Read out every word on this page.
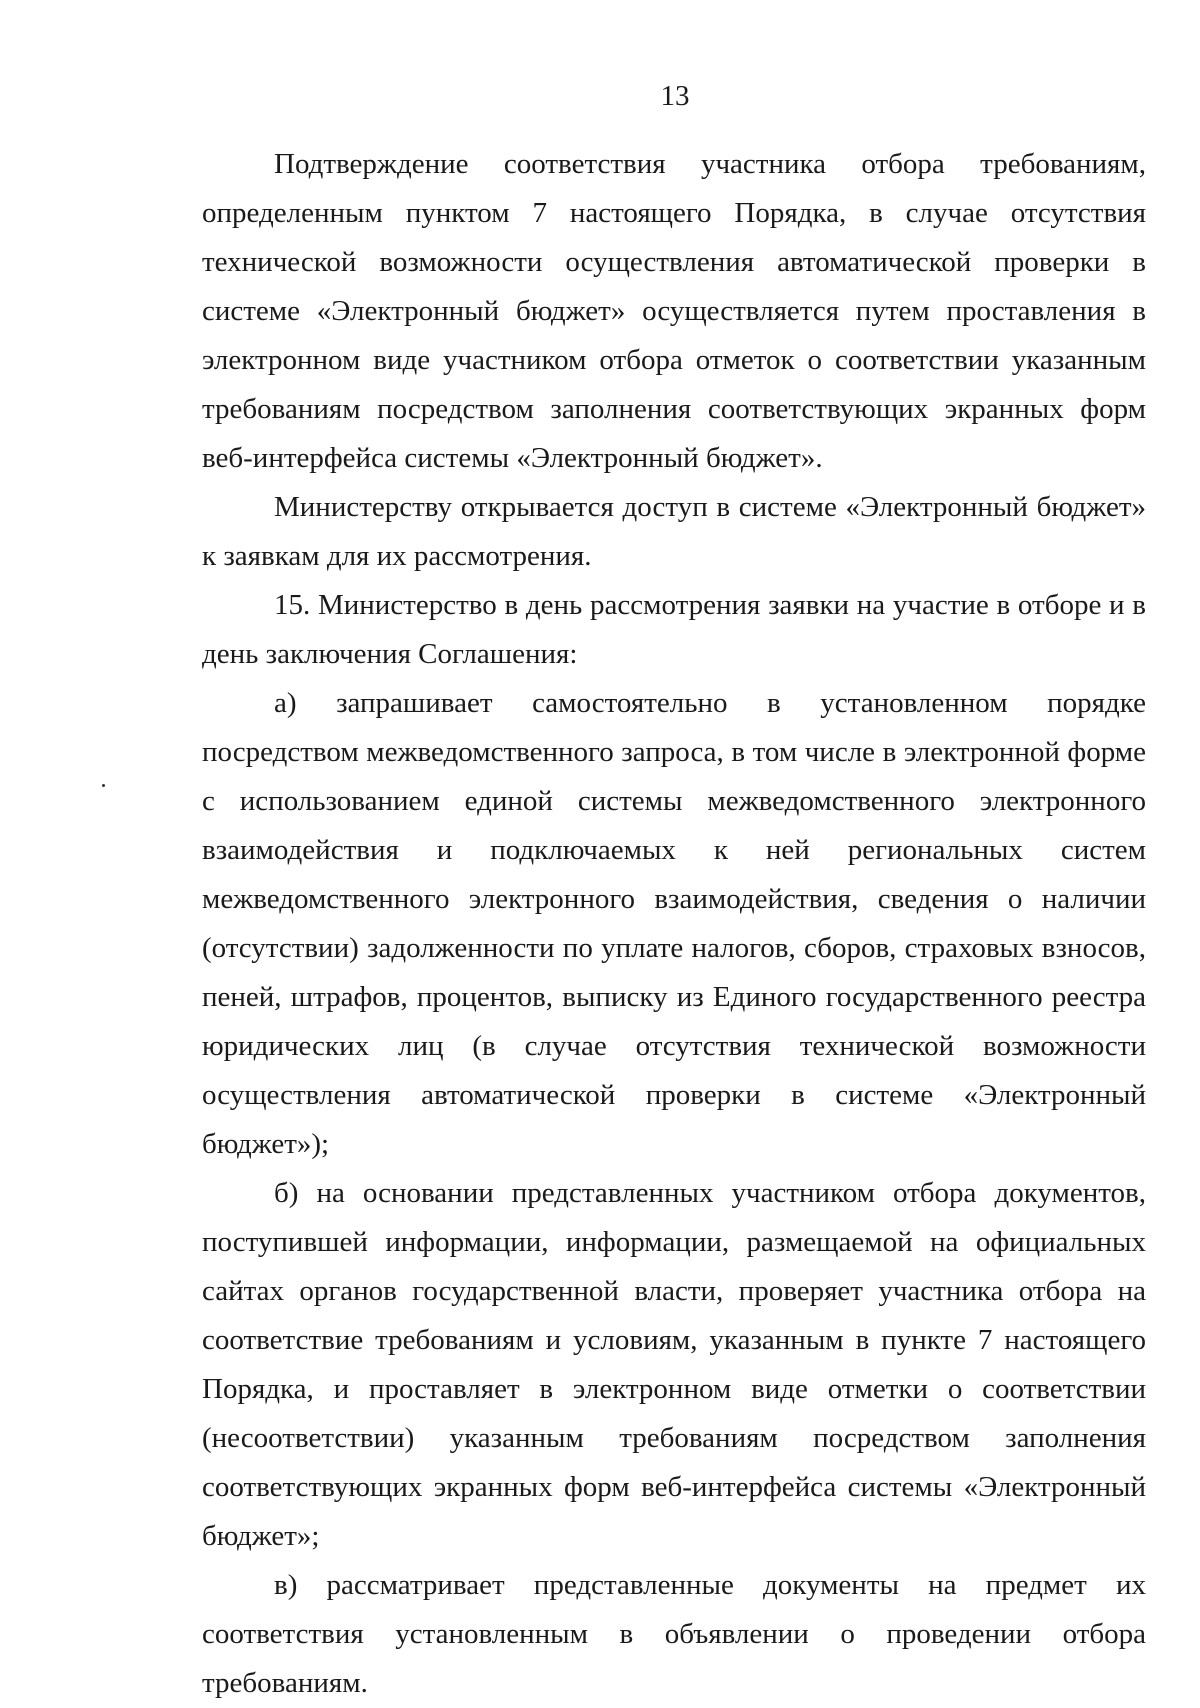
13

Подтверждение соответствия участника отбора требованиям, определенным пунктом 7 настоящего Порядка, в случае отсутствия технической возможности осуществления автоматической проверки в системе «Электронный бюджет» осуществляется путем проставления в электронном виде участником отбора отметок о соответствии указанным требованиям посредством заполнения соответствующих экранных форм веб-интерфейса системы «Электронный бюджет».

Министерству открывается доступ в системе «Электронный бюджет» к заявкам для их рассмотрения.

15. Министерство в день рассмотрения заявки на участие в отборе и в день заключения Соглашения:

а) запрашивает самостоятельно в установленном порядке посредством межведомственного запроса, в том числе в электронной форме с использованием единой системы межведомственного электронного взаимодействия и подключаемых к ней региональных систем межведомственного электронного взаимодействия, сведения о наличии (отсутствии) задолженности по уплате налогов, сборов, страховых взносов, пеней, штрафов, процентов, выписку из Единого государственного реестра юридических лиц (в случае отсутствия технической возможности осуществления автоматической проверки в системе «Электронный бюджет»);

б) на основании представленных участником отбора документов, поступившей информации, информации, размещаемой на официальных сайтах органов государственной власти, проверяет участника отбора на соответствие требованиям и условиям, указанным в пункте 7 настоящего Порядка, и проставляет в электронном виде отметки о соответствии (несоответствии) указанным требованиям посредством заполнения соответствующих экранных форм веб-интерфейса системы «Электронный бюджет»;

в) рассматривает представленные документы на предмет их соответствия установленным в объявлении о проведении отбора требованиям.
